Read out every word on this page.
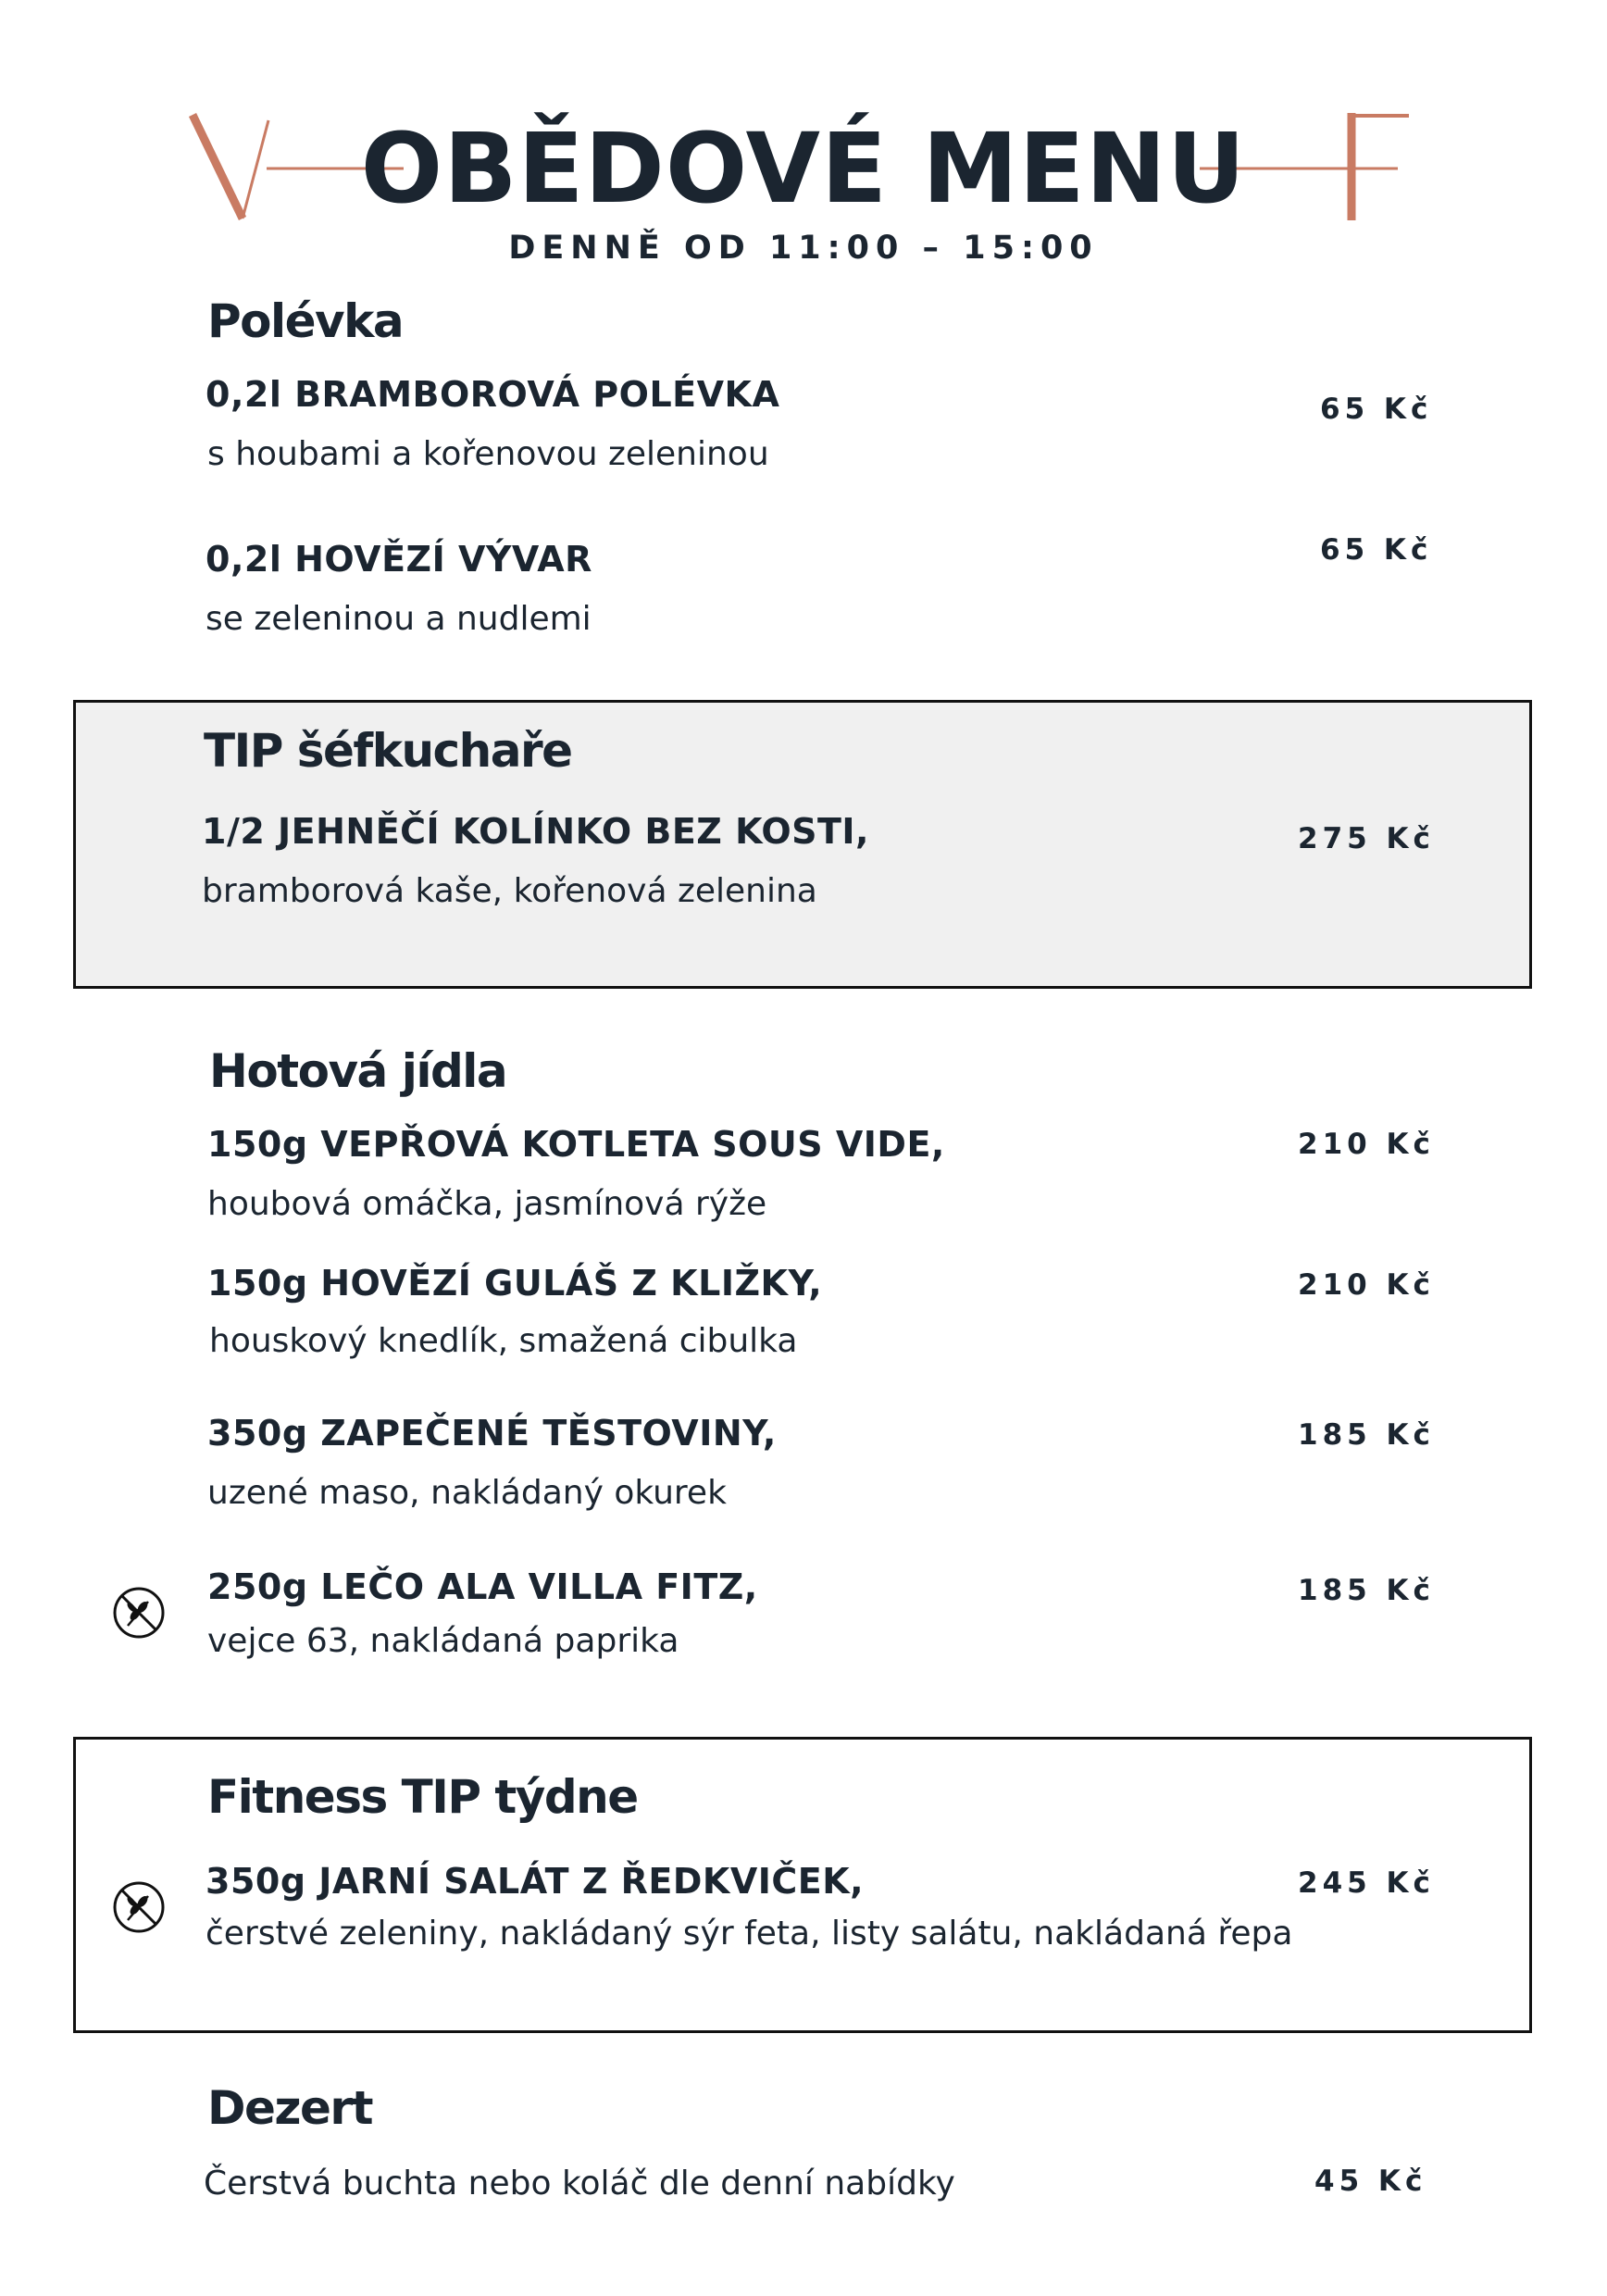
OBĚDOVÉ MENU
DENNĚ OD 11:00 – 15:00
Polévka
0,2l BRAMBOROVÁ POLÉVKA
s houbami a kořenovou zeleninou
65 Kč
0,2l HOVĚZÍ VÝVAR
se zeleninou a nudlemi
65 Kč
TIP šéfkuchaře
1/2 JEHNĚČÍ KOLÍNKO BEZ KOSTI,
bramborová kaše, kořenová zelenina
275 Kč
Hotová jídla
150g VEPŘOVÁ KOTLETA SOUS VIDE,
houbová omáčka, jasmínová rýže
210 Kč
150g HOVĚZÍ GULÁŠ Z KLIŽKY,
houskový knedlík, smažená cibulka
210 Kč
350g ZAPEČENÉ TĚSTOVINY,
uzené maso, nakládaný okurek
185 Kč
250g LEČO ALA VILLA FITZ,
vejce 63, nakládaná paprika
185 Kč
Fitness TIP týdne
350g JARNÍ SALÁT Z ŘEDKVIČEK,
čerstvé zeleniny, nakládaný sýr feta, listy salátu, nakládaná řepa
245 Kč
Dezert
Čerstvá buchta nebo koláč dle denní nabídky	45 Kč
